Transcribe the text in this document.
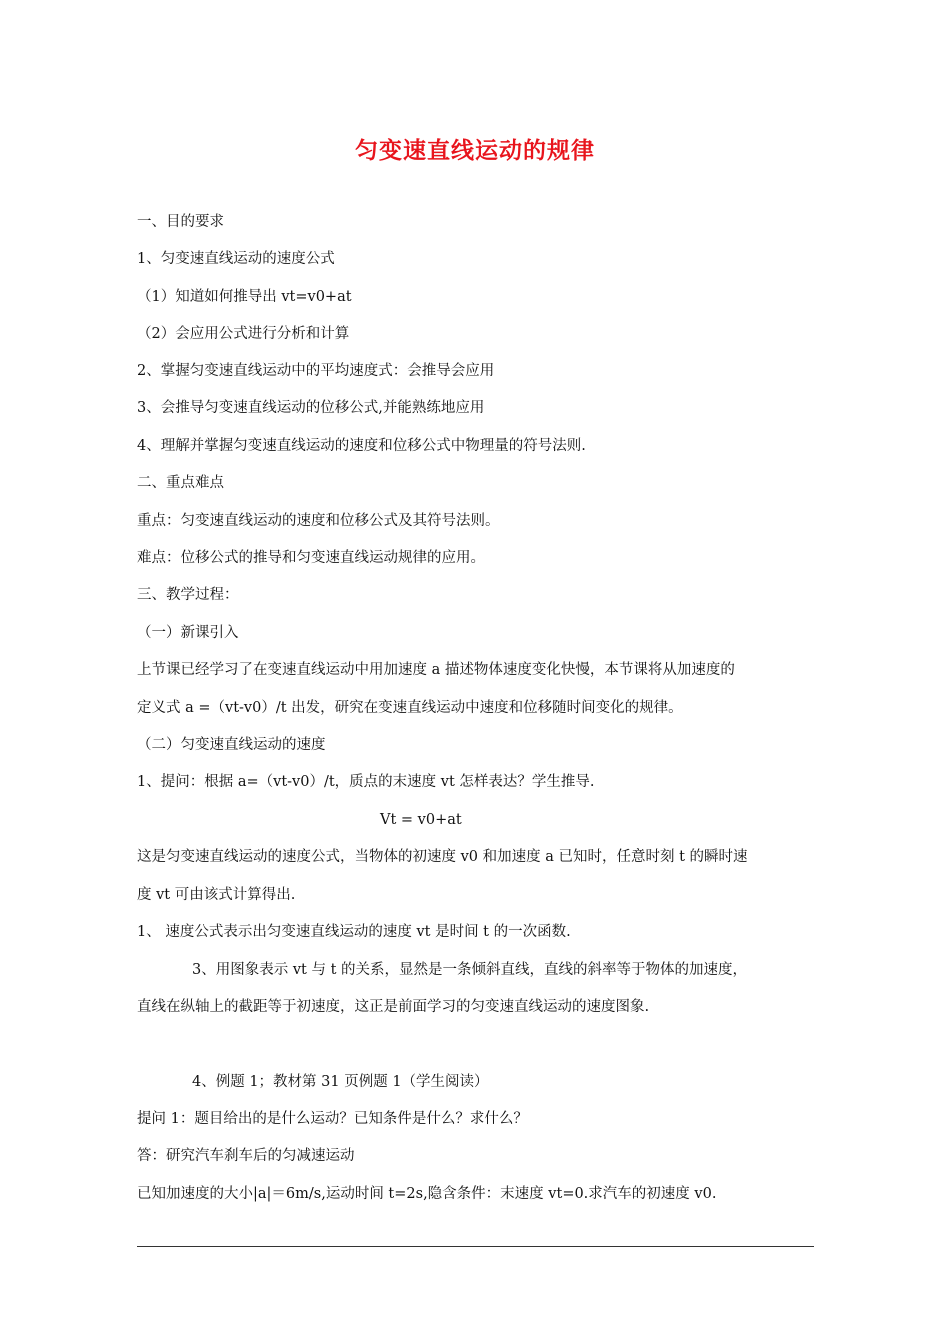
匀变速直线运动的规律
一、目的要求
1、匀变速直线运动的速度公式
（1）知道如何推导出 vt=v0+at
（2）会应用公式进行分析和计算
2、掌握匀变速直线运动中的平均速度式：会推导会应用
3、会推导匀变速直线运动的位移公式,并能熟练地应用
4、理解并掌握匀变速直线运动的速度和位移公式中物理量的符号法则.
二、重点难点
重点：匀变速直线运动的速度和位移公式及其符号法则。
难点：位移公式的推导和匀变速直线运动规律的应用。
三、教学过程：
（一）新课引入
上节课已经学习了在变速直线运动中用加速度 a 描述物体速度变化快慢，本节课将从加速度的
定义式 a =（vt-v0）/t 出发，研究在变速直线运动中速度和位移随时间变化的规律。
（二）匀变速直线运动的速度
1、提问：根据 a=（vt-v0）/t，质点的末速度 vt 怎样表达？学生推导.
Vt = v0+at
这是匀变速直线运动的速度公式，当物体的初速度 v0 和加速度 a 已知时，任意时刻 t 的瞬时速
度 vt 可由该式计算得出.
1、 速度公式表示出匀变速直线运动的速度 vt 是时间 t 的一次函数.
3、用图象表示 vt 与 t 的关系，显然是一条倾斜直线，直线的斜率等于物体的加速度，
直线在纵轴上的截距等于初速度，这正是前面学习的匀变速直线运动的速度图象.
4、例题 1；教材第 31 页例题 1（学生阅读）
提问 1：题目给出的是什么运动？已知条件是什么？求什么？
答：研究汽车刹车后的匀减速运动
已知加速度的大小|a|＝6m/s,运动时间 t=2s,隐含条件：末速度 vt=0.求汽车的初速度 v0.
